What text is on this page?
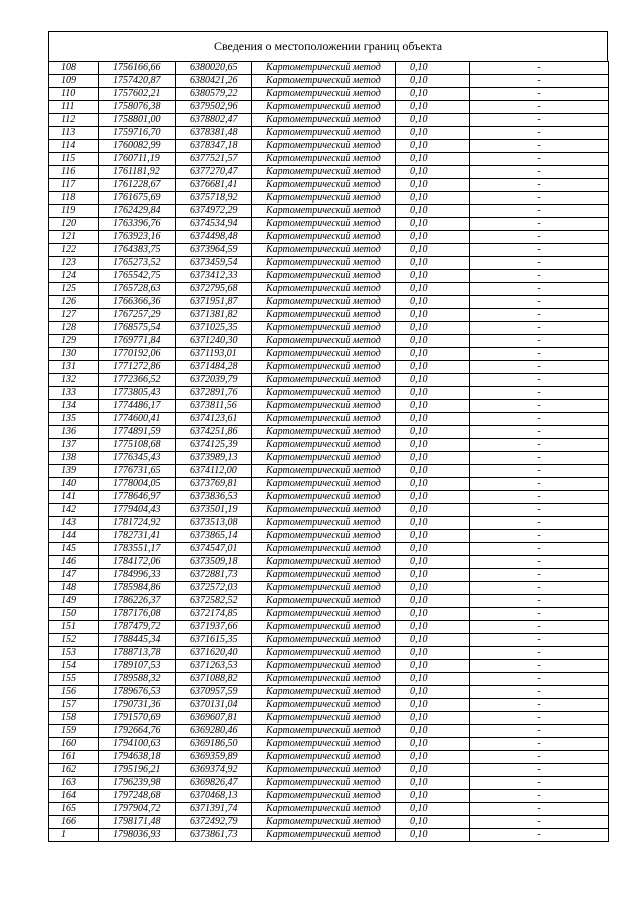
Сведения о местоположении границ объекта
108	1756166,66	6380020,65	Картометрический метод	0,10	-
109	1757420,87	6380421,26	Картометрический метод	0,10	-
110	1757602,21	6380579,22	Картометрический метод	0,10	-
111	1758076,38	6379502,96	Картометрический метод	0,10	-
112	1758801,00	6378802,47	Картометрический метод	0,10	-
113	1759716,70	6378381,48	Картометрический метод	0,10	-
114	1760082,99	6378347,18	Картометрический метод	0,10	-
115	1760711,19	6377521,57	Картометрический метод	0,10	-
116	1761181,92	6377270,47	Картометрический метод	0,10	-
117	1761228,67	6376681,41	Картометрический метод	0,10	-
118	1761675,69	6375718,92	Картометрический метод	0,10	-
119	1762429,84	6374972,29	Картометрический метод	0,10	-
120	1763396,76	6374534,94	Картометрический метод	0,10	-
121	1763923,16	6374498,48	Картометрический метод	0,10	-
122	1764383,75	6373964,59	Картометрический метод	0,10	-
123	1765273,52	6373459,54	Картометрический метод	0,10	-
124	1765542,75	6373412,33	Картометрический метод	0,10	-
125	1765728,63	6372795,68	Картометрический метод	0,10	-
126	1766366,36	6371951,87	Картометрический метод	0,10	-
127	1767257,29	6371381,82	Картометрический метод	0,10	-
128	1768575,54	6371025,35	Картометрический метод	0,10	-
129	1769771,84	6371240,30	Картометрический метод	0,10	-
130	1770192,06	6371193,01	Картометрический метод	0,10	-
131	1771272,86	6371484,28	Картометрический метод	0,10	-
132	1772366,52	6372039,79	Картометрический метод	0,10	-
133	1773805,43	6372891,76	Картометрический метод	0,10	-
134	1774486,17	6373811,56	Картометрический метод	0,10	-
135	1774600,41	6374123,61	Картометрический метод	0,10	-
136	1774891,59	6374251,86	Картометрический метод	0,10	-
137	1775108,68	6374125,39	Картометрический метод	0,10	-
138	1776345,43	6373989,13	Картометрический метод	0,10	-
139	1776731,65	6374112,00	Картометрический метод	0,10	-
140	1778004,05	6373769,81	Картометрический метод	0,10	-
141	1778646,97	6373836,53	Картометрический метод	0,10	-
142	1779404,43	6373501,19	Картометрический метод	0,10	-
143	1781724,92	6373513,08	Картометрический метод	0,10	-
144	1782731,41	6373865,14	Картометрический метод	0,10	-
145	1783551,17	6374547,01	Картометрический метод	0,10	-
146	1784172,06	6373509,18	Картометрический метод	0,10	-
147	1784996,33	6372881,73	Картометрический метод	0,10	-
148	1785984,86	6372572,03	Картометрический метод	0,10	-
149	1786226,37	6372582,52	Картометрический метод	0,10	-
150	1787176,08	6372174,85	Картометрический метод	0,10	-
151	1787479,72	6371937,66	Картометрический метод	0,10	-
152	1788445,34	6371615,35	Картометрический метод	0,10	-
153	1788713,78	6371620,40	Картометрический метод	0,10	-
154	1789107,53	6371263,53	Картометрический метод	0,10	-
155	1789588,32	6371088,82	Картометрический метод	0,10	-
156	1789676,53	6370957,59	Картометрический метод	0,10	-
157	1790731,36	6370131,04	Картометрический метод	0,10	-
158	1791570,69	6369607,81	Картометрический метод	0,10	-
159	1792664,76	6369280,46	Картометрический метод	0,10	-
160	1794100,63	6369186,50	Картометрический метод	0,10	-
161	1794638,18	6369359,89	Картометрический метод	0,10	-
162	1795196,21	6369374,92	Картометрический метод	0,10	-
163	1796239,98	6369826,47	Картометрический метод	0,10	-
164	1797248,68	6370468,13	Картометрический метод	0,10	-
165	1797904,72	6371391,74	Картометрический метод	0,10	-
166	1798171,48	6372492,79	Картометрический метод	0,10	-
1	1798036,93	6373861,73	Картометрический метод	0,10	-
